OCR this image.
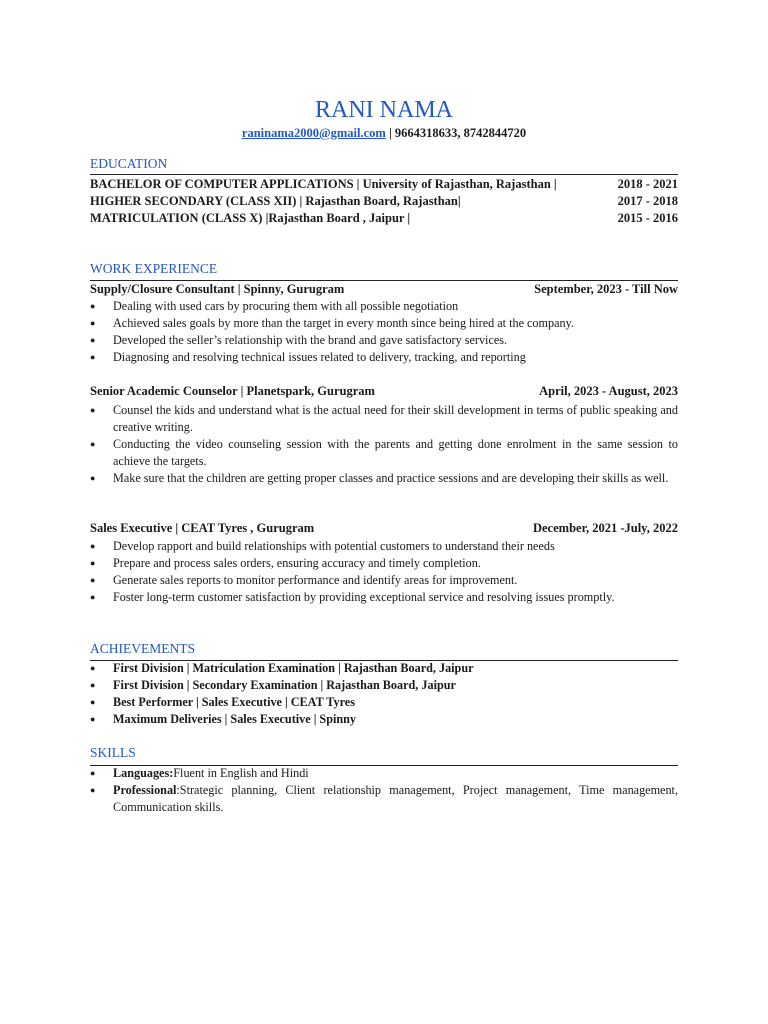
RANI NAMA
raninama2000@gmail.com | 9664318633, 8742844720
EDUCATION
BACHELOR OF COMPUTER APPLICATIONS | University of Rajasthan, Rajasthan |	2018 - 2021
HIGHER SECONDARY (CLASS XII) | Rajasthan Board, Rajasthan|	2017 - 2018
MATRICULATION (CLASS X) |Rajasthan Board , Jaipur |	2015 - 2016
WORK EXPERIENCE
Supply/Closure Consultant | Spinny, Gurugram	September, 2023 - Till Now
● Dealing with used cars by procuring them with all possible negotiation
● Achieved sales goals by more than the target in every month since being hired at the company.
● Developed the seller’s relationship with the brand and gave satisfactory services.
● Diagnosing and resolving technical issues related to delivery, tracking, and reporting
Senior Academic Counselor | Planetspark, Gurugram	April, 2023 - August, 2023
● Counsel the kids and understand what is the actual need for their skill development in terms of public speaking and creative writing.
● Conducting the video counseling session with the parents and getting done enrolment in the same session to achieve the targets.
● Make sure that the children are getting proper classes and practice sessions and are developing their skills as well.
Sales Executive | CEAT Tyres , Gurugram	December, 2021 -July, 2022
● Develop rapport and build relationships with potential customers to understand their needs
● Prepare and process sales orders, ensuring accuracy and timely completion.
● Generate sales reports to monitor performance and identify areas for improvement.
● Foster long-term customer satisfaction by providing exceptional service and resolving issues promptly.
ACHIEVEMENTS
● First Division | Matriculation Examination | Rajasthan Board, Jaipur
● First Division | Secondary Examination | Rajasthan Board, Jaipur
● Best Performer | Sales Executive | CEAT Tyres
● Maximum Deliveries | Sales Executive | Spinny
SKILLS
● Languages:Fluent in English and Hindi
● Professional:Strategic planning, Client relationship management, Project management, Time management, Communication skills.
